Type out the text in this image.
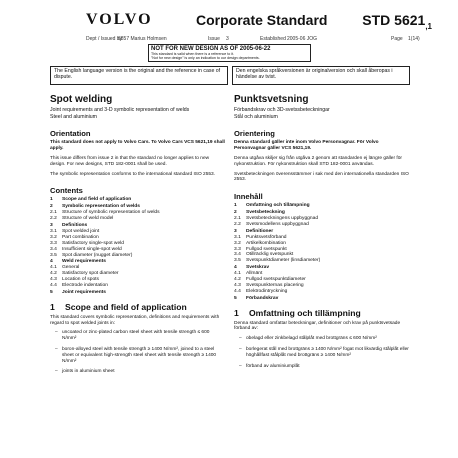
VOLVO	Corporate Standard STD $5621_{,1}$
Dept / Issued by
6857 Marius Holmsen	Issue 3	Established 2005-06 JOG	Page 1(14)
NOT FOR NEW DESIGN AS OF 2005-06-22
This standard is valid when there is a reference to it.
"Not for new design" is only an indication to our design departments.
The English language version is the original and the reference in case of dispute.
Den engelska språkversionen är originalversion och skall åberopas i händelse av tvist.
Spot welding
Joint requirements and 3-D symbolic representation of welds
Steel and aluminium
Orientation

This standard does not apply to Volvo Cars. To Volvo Cars VCS 5621,19 shall apply.

This issue differs from issue 2 in that the standard no longer applies to new design. For new designs, STD 182-0001 shall be used.

The symbolic representation conforms to the international standard ISO 2553.

Contents
1 Scope and field of application
2 Symbolic representation of welds
2.1 Structure of symbolic representation of welds
2.2 Structure of weld model
3 Definitions
3.1 Spot welded joint
3.2 Part combination
3.3 Satisfactory single-spot weld
3.4 Insufficient single-spot weld
3.5 Spot diameter (nugget diameter)
4 Weld requirements
4.1 General
4.2 Satisfactory spot diameter
4.3 Location of spots
4.4 Electrode indentation
5 Joint requirements
1 Scope and field of application

This standard covers symbolic representation, definitions and requirements with regard to spot welded joints in:

– uncoated or zinc-plated carbon steel sheet with tensile strength ≤ 600 N/mm²
– boron-alloyed steel with tensile strength ≥ 1400 N/mm², joined to a steel sheet or equivalent high-strength steel sheet with tensile strength ≥ 1400 N/mm²
– joints in aluminium sheet
Punktsvetsning
Förbandskrav och 3D-svetssbeteckningar
Stål och aluminium
Orientering

Denna standard gäller inte inom Volvo Personvagnar. För Volvo Personvagnar gäller VCS 5621,19.

Denna utgåva skiljer sig från utgåva 2 genom att standarden ej längre gäller för nykonstruktion. För nykonstruktion skall STD 182-0001 användas.

Svetsbeteckningen överensstämmer i sak med den internationella standarden ISO 2553.

Innehåll
1 Omfattning och tillämpning
2 Svetsbeteckning
2.1 Svetsbeteckningens uppbyggnad
2.2 Svetsmodellens uppbyggnad
3 Definitioner
3.1 Punktsvetsförband
3.2 Artikelkombination
3.3 Fullgod svetspunkt
3.4 Otillräcklig svetspunkt
3.5 Svetspunktdiameter (linsdiameter)
4 Svetskrav
4.1 Allmänt
4.2 Fullgod svetspunktdiameter
4.3 Svetspunkternas placering
4.4 Elektrodintryckning
5 Förbandskrav
1 Omfattning och tillämpning

Denna standard omfattar beteckningar, definitioner och krav på punktsvetsade förband av:

– obelagd eller zinkbelagd stålplåt med brottgräns ≤ 600 N/mm²
– borlegerat stål med brottgräns ≥ 1400 N/mm² fogat mot likvärdig stålplåt eller höghållfast stålplåt med brottgräns ≥ 1400 N/mm²
– förband av aluminiumplåt
